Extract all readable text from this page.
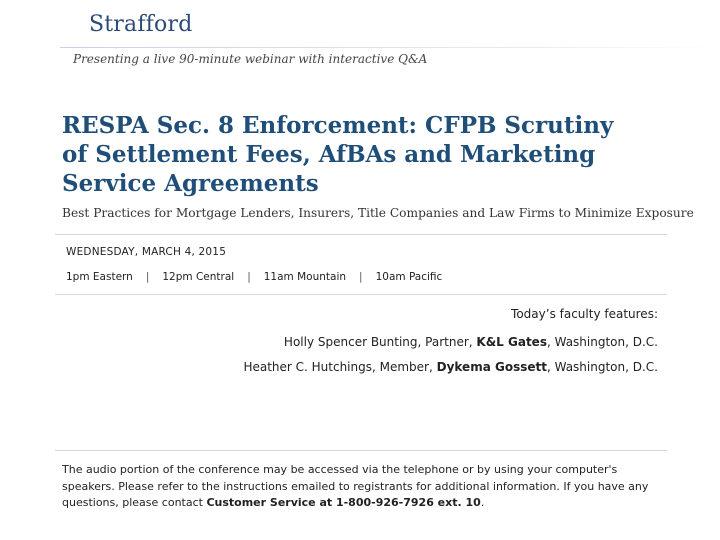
Strafford
Presenting a live 90-minute webinar with interactive Q&A
RESPA Sec. 8 Enforcement: CFPB Scrutiny
of Settlement Fees, AfBAs and Marketing
Service Agreements
Best Practices for Mortgage Lenders, Insurers, Title Companies and Law Firms to Minimize Exposure
WEDNESDAY, MARCH 4, 2015
1pm Eastern | 12pm Central | 11am Mountain | 10am Pacific
Today’s faculty features:
Holly Spencer Bunting, Partner, K&L Gates, Washington, D.C.
Heather C. Hutchings, Member, Dykema Gossett, Washington, D.C.
The audio portion of the conference may be accessed via the telephone or by using your computer's speakers. Please refer to the instructions emailed to registrants for additional information. If you have any questions, please contact Customer Service at 1-800-926-7926 ext. 10.
